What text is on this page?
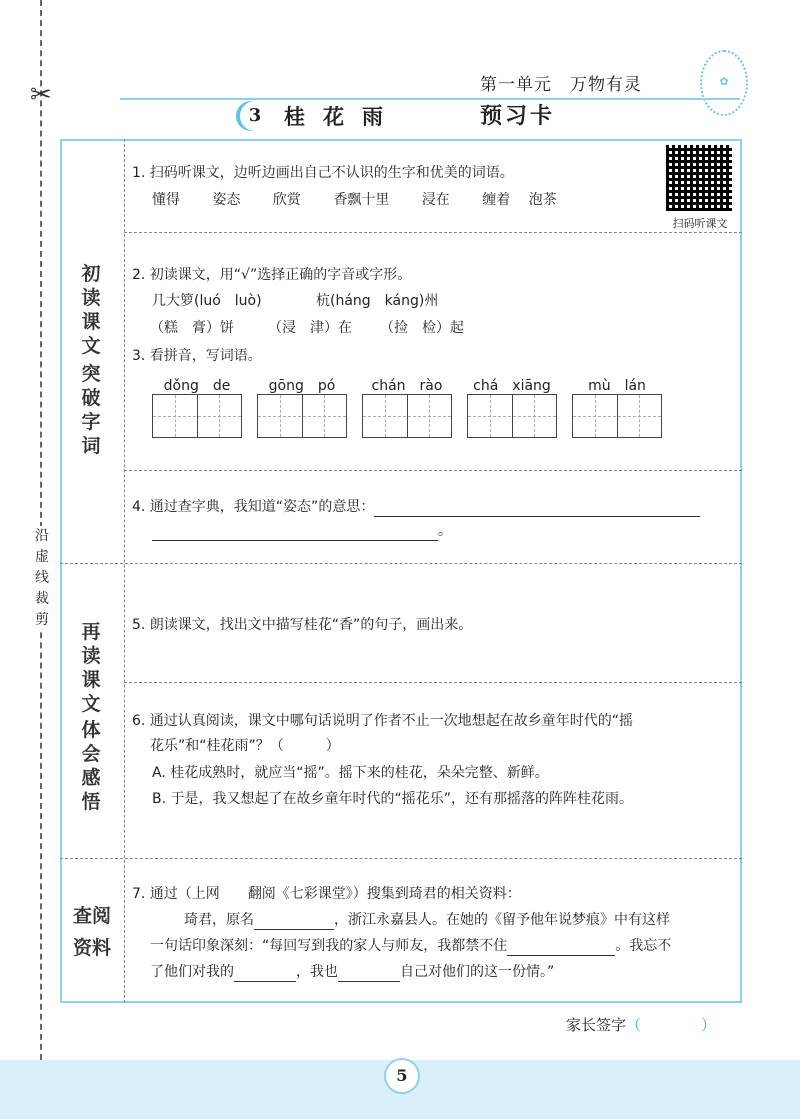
✂
沿
虚
线
裁
剪
第一单元　万物有灵	✿
3	桂花雨	预习卡
初
读
课
文
突
破
字
词
再
读
课
文
体
会
感
悟
查阅
资料
扫码听课文
1. 扫码听课文，边听边画出自己不认识的生字和优美的词语。
懂得　　 姿态　　 欣赏　　 香飘十里　　 浸在　　 缠着　 泡茶
2. 初读课文，用“√”选择正确的字音或字形。
几大箩(luó　luò)	杭(háng　káng)州
（糕　膏）饼 （浸　津）在 （捡　检）起
3. 看拼音，写词语。
dǒng　de	gōng　pó	chán　rào	chá　xiāng	mù　lán
4. 通过查字典，我知道“姿态”的意思：
。
5. 朗读课文，找出文中描写桂花“香”的句子，画出来。
6. 通过认真阅读，课文中哪句话说明了作者不止一次地想起在故乡童年时代的“摇
花乐”和“桂花雨”？（　　　）
A. 桂花成熟时，就应当“摇”。摇下来的桂花，朵朵完整、新鲜。
B. 于是，我又想起了在故乡童年时代的“摇花乐”，还有那摇落的阵阵桂花雨。
7. 通过（上网　　 翻阅《七彩课堂》）搜集到琦君的相关资料：
琦君，原名	，浙江永嘉县人。在她的《留予他年说梦痕》中有这样
一句话印象深刻：“每回写到我的家人与师友，我都禁不住	。我忘不
了他们对我的	，我也	自己对他们的这一份情。”
家长签字（	）
5
